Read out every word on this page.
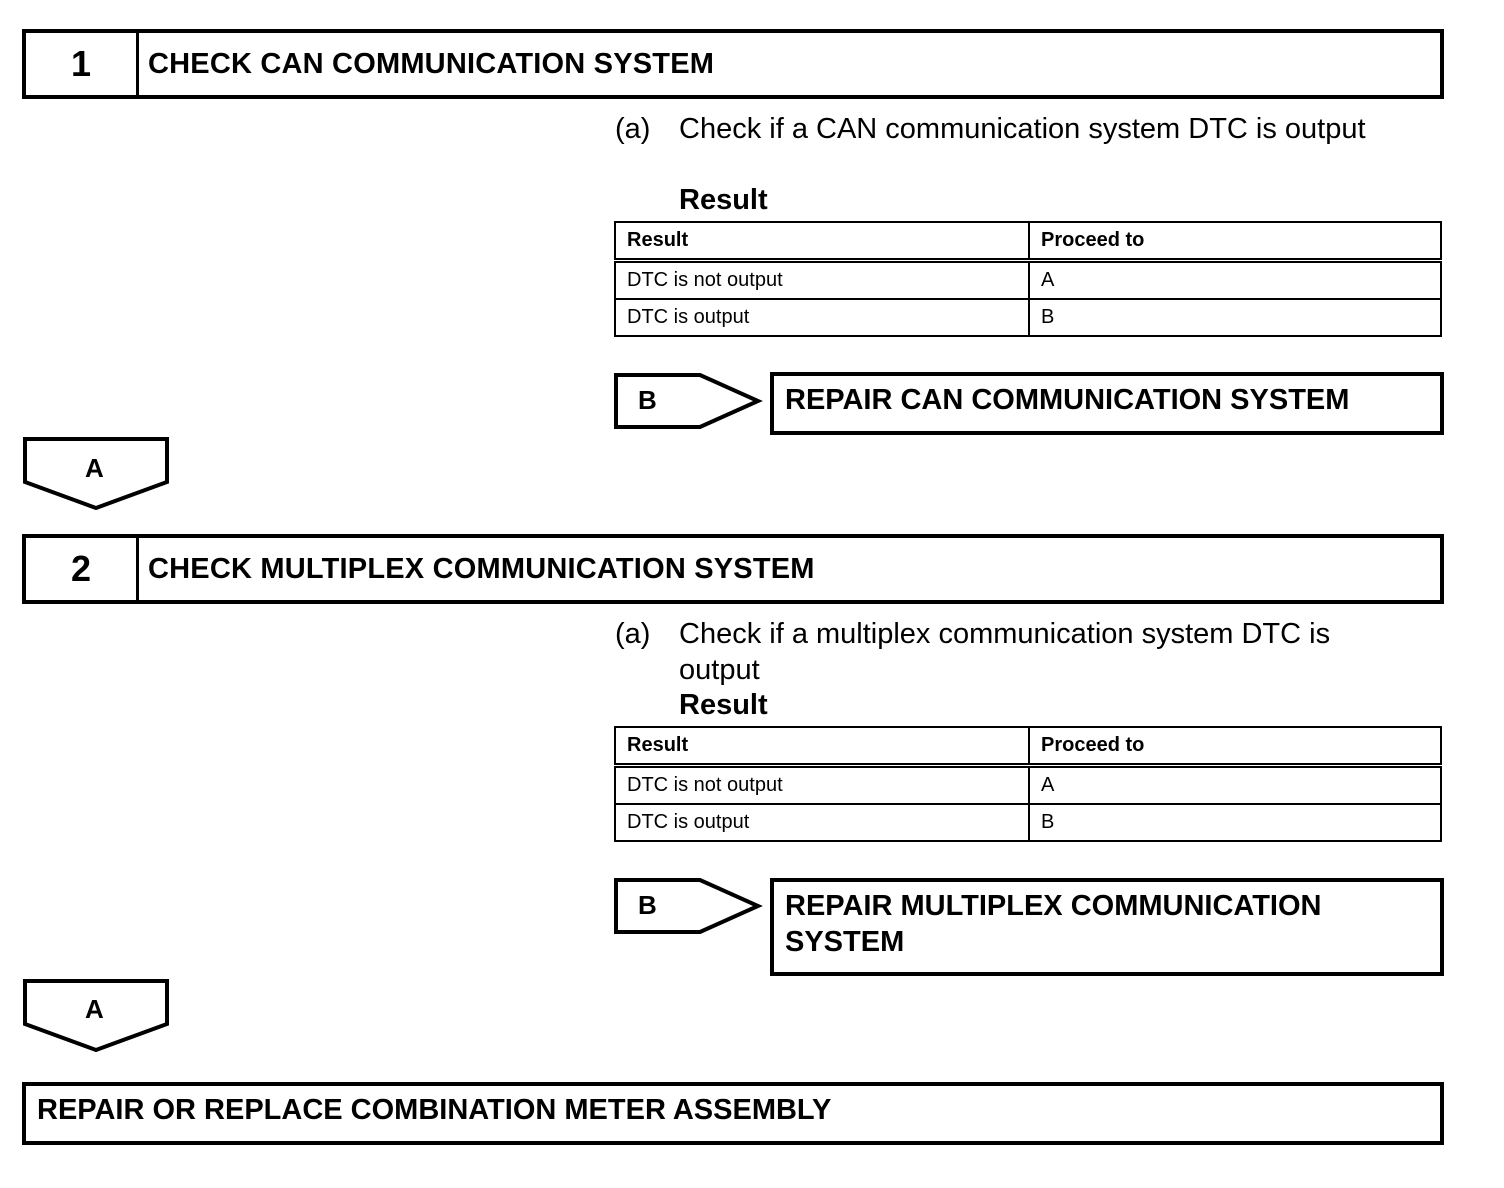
1	CHECK CAN COMMUNICATION SYSTEM
(a) Check if a CAN communication system DTC is output
Result
Result	Proceed to
DTC is not output	A
DTC is output	B
B	REPAIR CAN COMMUNICATION SYSTEM
A
2	CHECK MULTIPLEX COMMUNICATION SYSTEM
(a) Check if a multiplex communication system DTC is
output
Result
Result	Proceed to
DTC is not output	A
DTC is output	B
B	REPAIR MULTIPLEX COMMUNICATION
SYSTEM
A
REPAIR OR REPLACE COMBINATION METER ASSEMBLY
